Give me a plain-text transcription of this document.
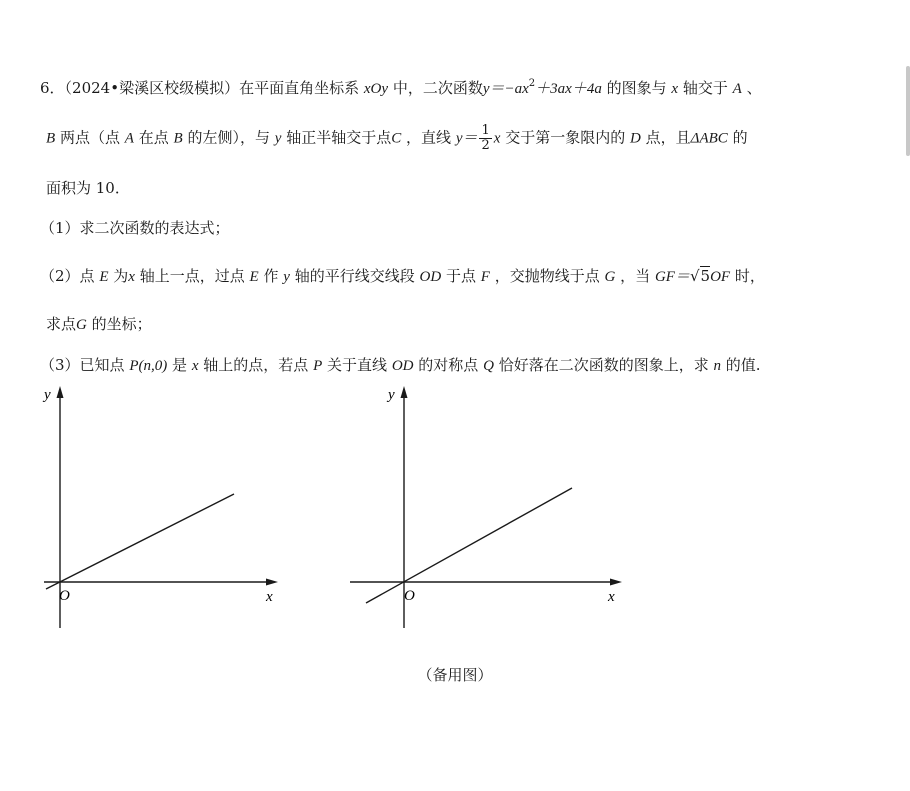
6．（2024•梁溪区校级模拟）在平面直角坐标系 xOy 中，二次函数$y=-ax^2+3ax+4a$ 的图象与 x 轴交于 A 、
B 两点（点 A 在点 B 的左侧），与 y 轴正半轴交于点C ，直线 $y= \frac{1}{2}$ x 交于第一象限内的 D 点，且ΔABC 的
面积为 10．
（1）求二次函数的表达式；
（2）点 E 为x 轴上一点，过点 E 作 y 轴的平行线交线段 OD 于点 F ，交抛物线于点 G ，当 GF＝√5OF 时，
求点G 的坐标；
（3）已知点 P(n,0) 是 x 轴上的点，若点 P 关于直线 OD 的对称点 Q 恰好落在二次函数的图象上，求 n 的值.
y
x
O
y
x
O
（备用图）
